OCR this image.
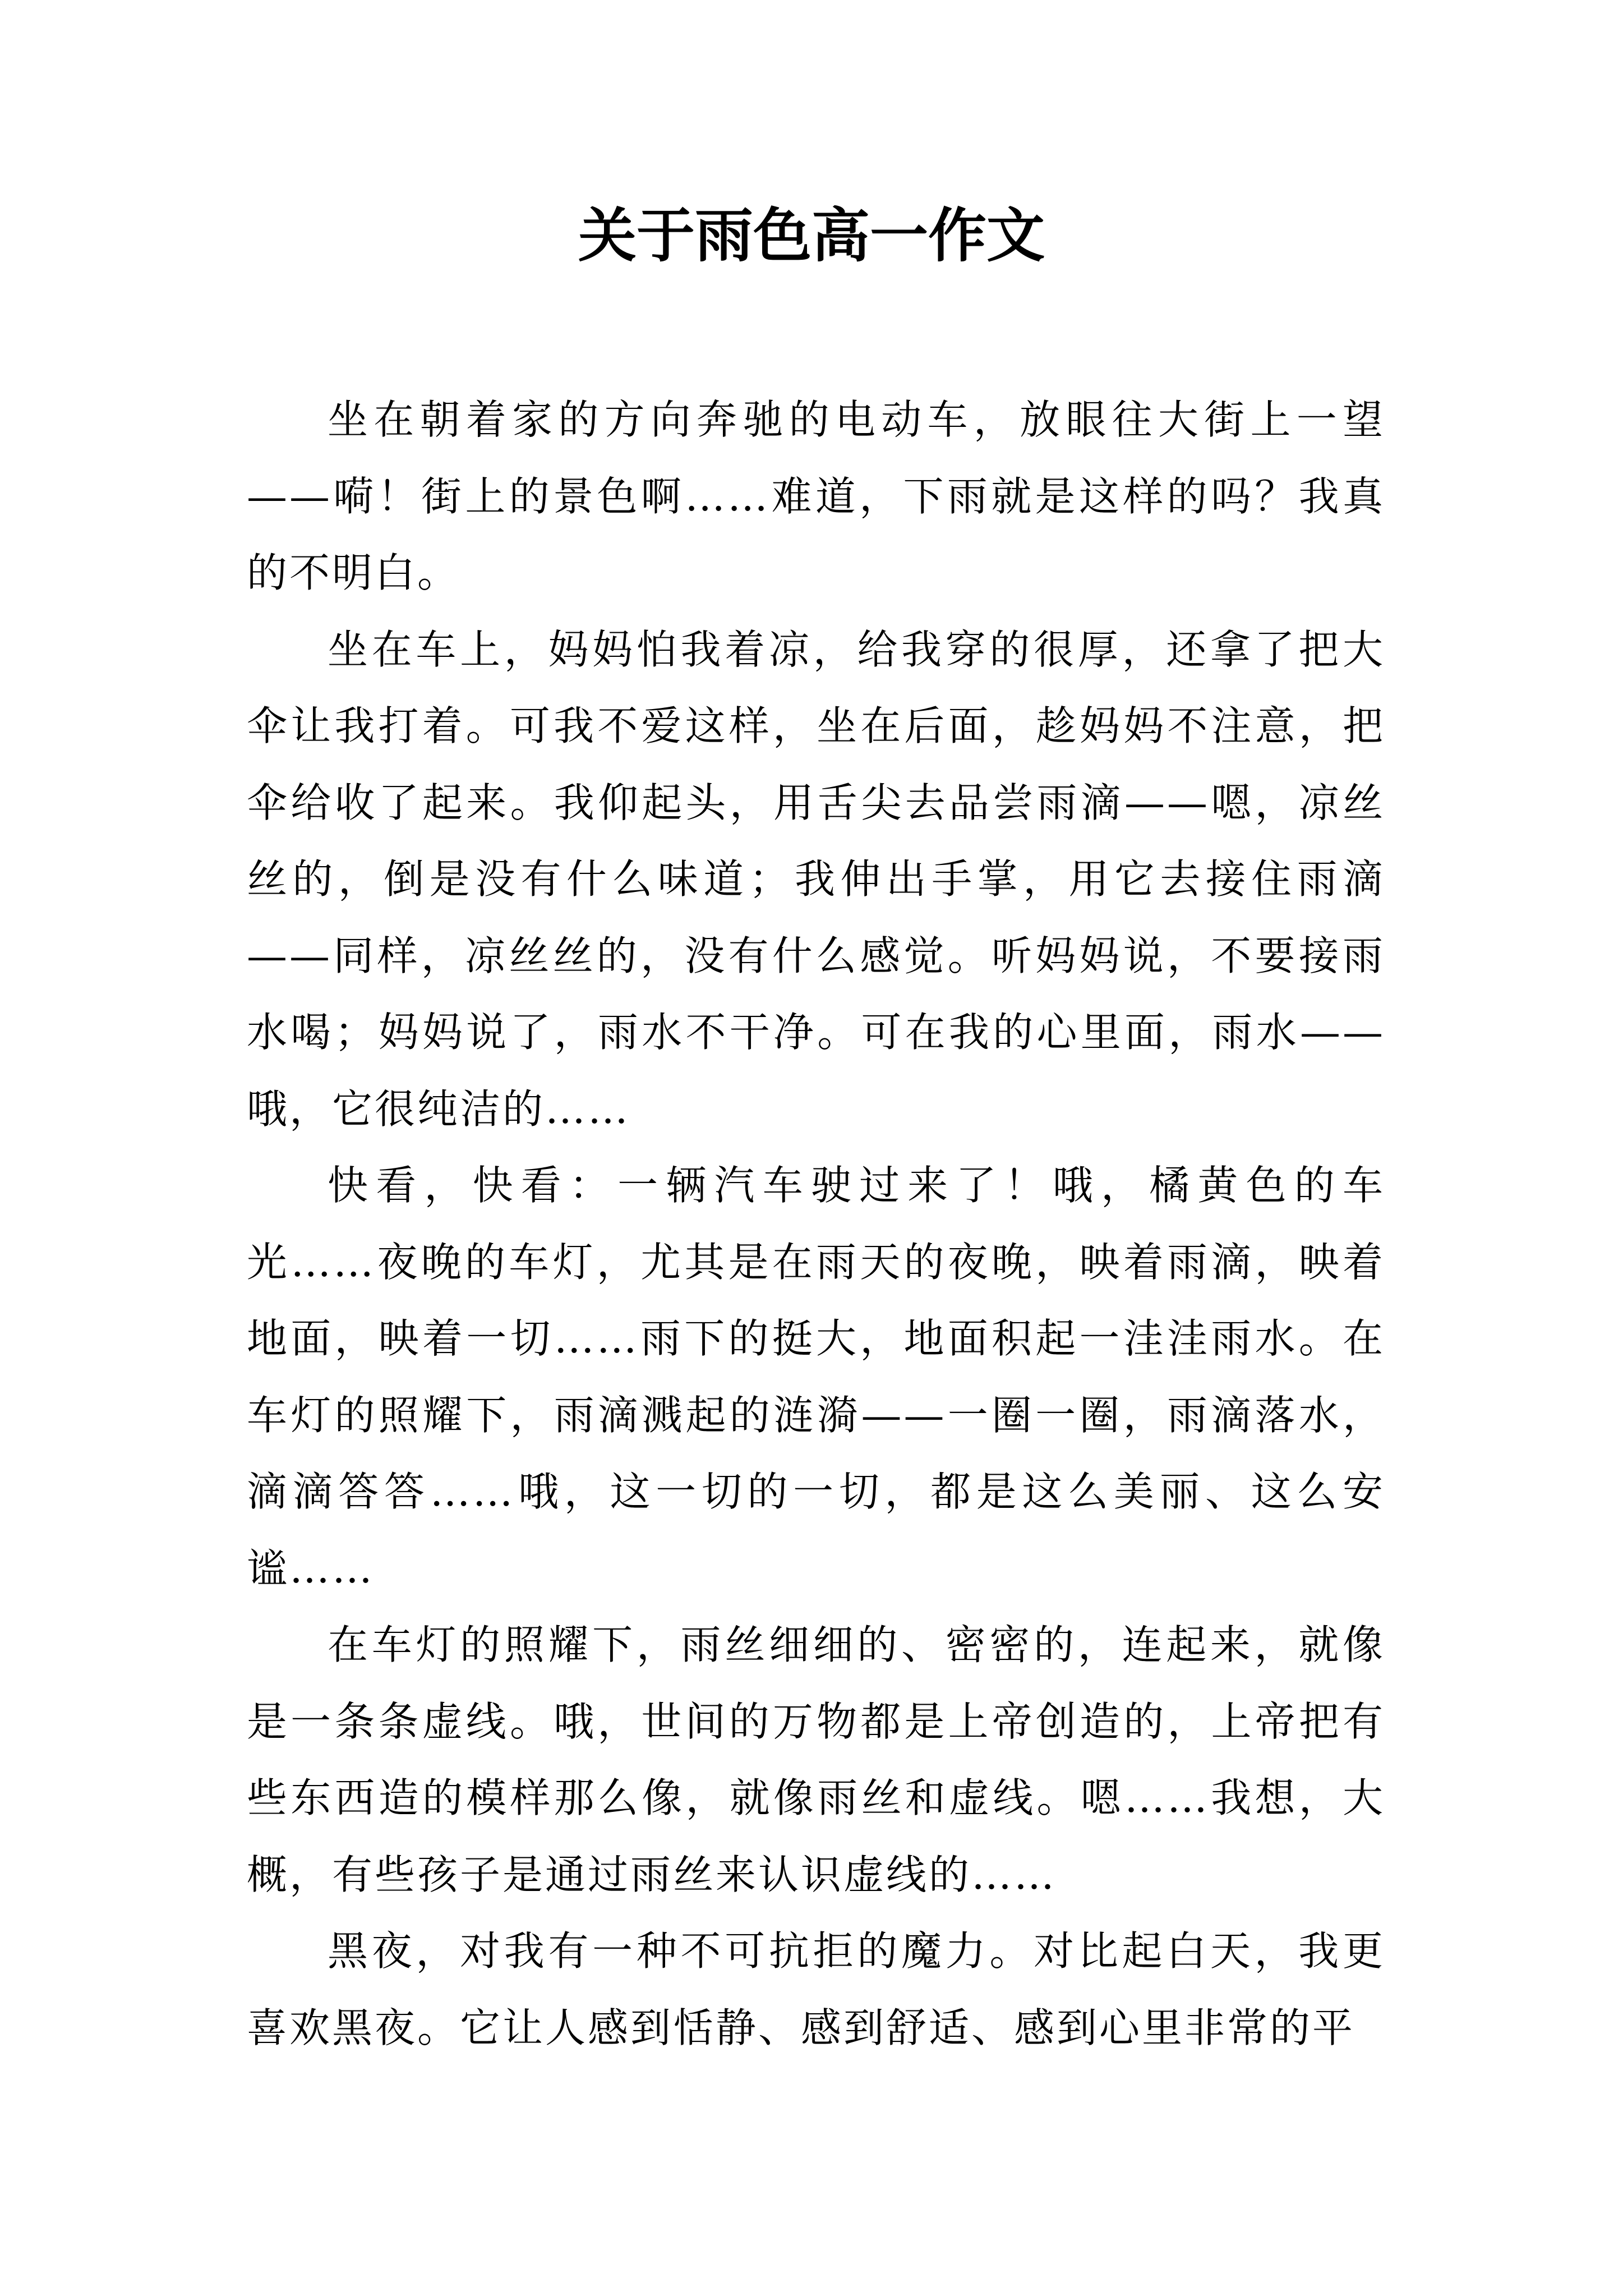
关于雨色高一作文

坐在朝着家的方向奔驰的电动车，放眼往大街上一望——嗬！街上的景色啊……难道，下雨就是这样的吗？我真的不明白。

坐在车上，妈妈怕我着凉，给我穿的很厚，还拿了把大伞让我打着。可我不爱这样，坐在后面，趁妈妈不注意，把伞给收了起来。我仰起头，用舌尖去品尝雨滴——嗯，凉丝丝的，倒是没有什么味道；我伸出手掌，用它去接住雨滴——同样，凉丝丝的，没有什么感觉。听妈妈说，不要接雨水喝；妈妈说了，雨水不干净。可在我的心里面，雨水——哦，它很纯洁的……

快看，快看：一辆汽车驶过来了！哦，橘黄色的车光……夜晚的车灯，尤其是在雨天的夜晚，映着雨滴，映着地面，映着一切……雨下的挺大，地面积起一洼洼雨水。在车灯的照耀下，雨滴溅起的涟漪——一圈一圈，雨滴落水，滴滴答答……哦，这一切的一切，都是这么美丽、这么安谧……

在车灯的照耀下，雨丝细细的、密密的，连起来，就像是一条条虚线。哦，世间的万物都是上帝创造的，上帝把有些东西造的模样那么像，就像雨丝和虚线。嗯……我想，大概，有些孩子是通过雨丝来认识虚线的……

黑夜，对我有一种不可抗拒的魔力。对比起白天，我更喜欢黑夜。它让人感到恬静、感到舒适、感到心里非常的平
